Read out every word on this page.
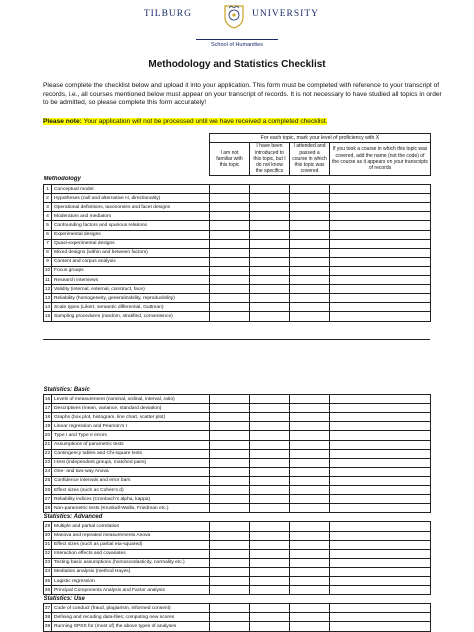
TILBURG	UNIVERSITY
School of Humanities
Methodology and Statistics Checklist
Please complete the checklist below and upload it into your application. This form must be completed with reference to your transcript of records, i.e., all courses mentioned below must appear on your transcript of records. It is not necessary to have studied all topics in order to be admitted, so please complete this form accurately!
Please note: Your application will not be processed until we have received a completed checklist.
		For each topic, mark your level of proficiency with X			
		I am not familiar with this topic	I have been introduced to this topic, but I do not know the specifics	I attended and passed a course in which this topic was covered	If you took a course in which this topic was covered, add the name (not the code) of the course as it appears on your transcripts of records
Methodology					
1	Conceptual model				
2	Hypotheses (null and alternative H, directionality)				
3	Operational definitions, taxonomies and facet designs				
4	Moderators and mediators				
5	Confounding factors and spurious relations				
6	Experimental designs				
7	Quasi-experimental designs				
8	Mixed designs (within and between factors)				
9	Content and corpus analysis				
10	Focus groups				
11	Research interviews				
12	Validity (internal, external, construct, face)				
13	Reliability (homogeneity, generalizability, reproducibility)				
14	Scale types (Likert, semantic differential, Guttman)				
15	Sampling procedures (random, stratified, convenience)				
Statistics: Basic					
16	Levels of measurement (nominal, ordinal, interval, ratio)				
17	Descriptives (mean, variance, standard deviation)				
18	Graphs (box plot, histogram, line chart, scatter plot)				
19	Linear regression and Pearson's r				
20	Type I and Type II errors				
21	Assumptions of parametric tests				
22	Contingency tables and Chi-square tests				
23	t-test (independent groups, matched pairs)				
24	One- and two-way Anova				
25	Confidence intervals and error bars				
26	Effect sizes (such as Cohen's d)				
27	Reliability indices (Cronbach's alpha, kappa)				
28	Non-parametric tests (Kruskall-Wallis, Friedman etc.)				
Statistics: Advanced					
29	Multiple and partial correlation				
30	Manova and repeated measurements Anova				
31	Effect sizes (such as partial eta-squared)				
32	Interaction effects and covariates				
33	Testing basic assumptions (homoscedasticity, normality etc.)				
34	Mediation analysis (method Hayes)				
35	Logistic regression				
36	Principal Components Analysis and Factor analysis				
Statistics: Use					
37	Code of conduct (fraud, plagiarism, informed consent)				
38	Defining and recoding data-files; computing new scores				
39	Running SPSS for (most of) the above types of analyses				
